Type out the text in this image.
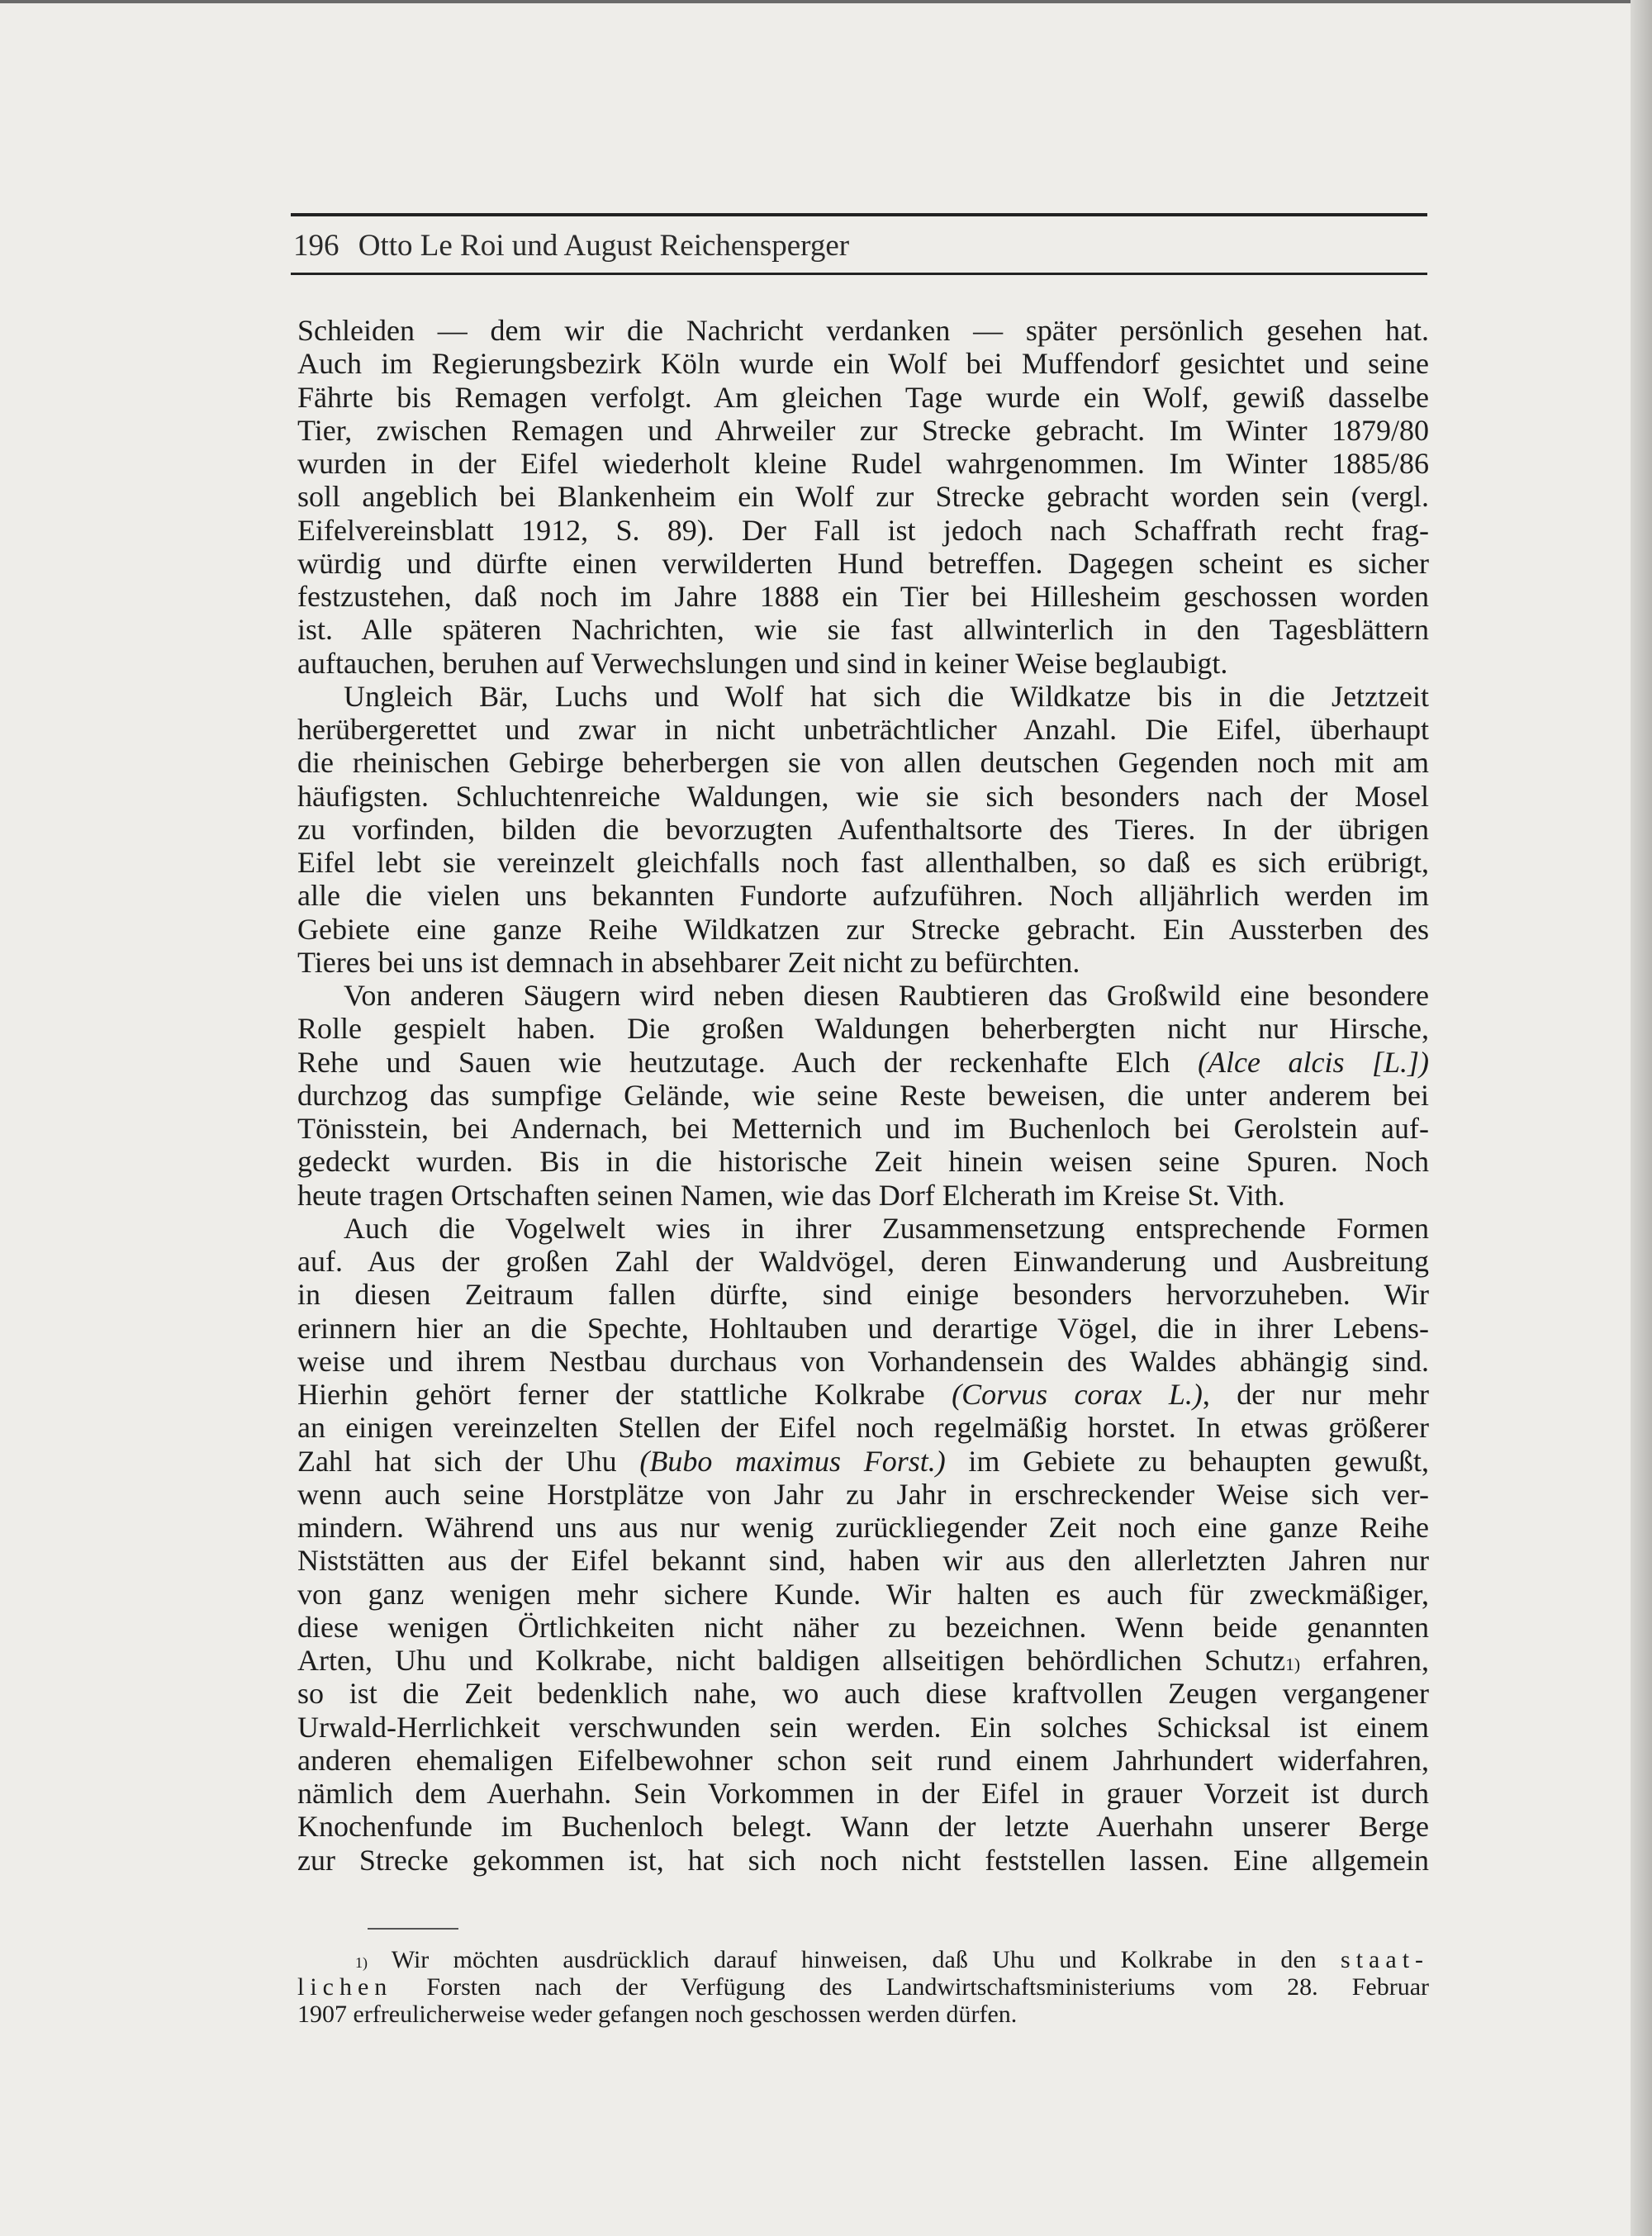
196 Otto Le Roi und August Reichensperger
Schleiden — dem wir die Nachricht verdanken — später persönlich gesehen hat.
Auch im Regierungsbezirk Köln wurde ein Wolf bei Muffendorf gesichtet und seine
Fährte bis Remagen verfolgt. Am gleichen Tage wurde ein Wolf, gewiß dasselbe
Tier, zwischen Remagen und Ahrweiler zur Strecke gebracht. Im Winter 1879/80
wurden in der Eifel wiederholt kleine Rudel wahrgenommen. Im Winter 1885/86
soll angeblich bei Blankenheim ein Wolf zur Strecke gebracht worden sein (vergl.
Eifelvereinsblatt 1912, S. 89). Der Fall ist jedoch nach Schaffrath recht frag-
würdig und dürfte einen verwilderten Hund betreffen. Dagegen scheint es sicher
festzustehen, daß noch im Jahre 1888 ein Tier bei Hillesheim geschossen worden
ist. Alle späteren Nachrichten, wie sie fast allwinterlich in den Tagesblättern
auftauchen, beruhen auf Verwechslungen und sind in keiner Weise beglaubigt.
Ungleich Bär, Luchs und Wolf hat sich die Wildkatze bis in die Jetztzeit
herübergerettet und zwar in nicht unbeträchtlicher Anzahl. Die Eifel, überhaupt
die rheinischen Gebirge beherbergen sie von allen deutschen Gegenden noch mit am
häufigsten. Schluchtenreiche Waldungen, wie sie sich besonders nach der Mosel
zu vorfinden, bilden die bevorzugten Aufenthaltsorte des Tieres. In der übrigen
Eifel lebt sie vereinzelt gleichfalls noch fast allenthalben, so daß es sich erübrigt,
alle die vielen uns bekannten Fundorte aufzuführen. Noch alljährlich werden im
Gebiete eine ganze Reihe Wildkatzen zur Strecke gebracht. Ein Aussterben des
Tieres bei uns ist demnach in absehbarer Zeit nicht zu befürchten.
Von anderen Säugern wird neben diesen Raubtieren das Großwild eine besondere
Rolle gespielt haben. Die großen Waldungen beherbergten nicht nur Hirsche,
Rehe und Sauen wie heutzutage. Auch der reckenhafte Elch (Alce alcis [L.])
durchzog das sumpfige Gelände, wie seine Reste beweisen, die unter anderem bei
Tönisstein, bei Andernach, bei Metternich und im Buchenloch bei Gerolstein auf-
gedeckt wurden. Bis in die historische Zeit hinein weisen seine Spuren. Noch
heute tragen Ortschaften seinen Namen, wie das Dorf Elcherath im Kreise St. Vith.
Auch die Vogelwelt wies in ihrer Zusammensetzung entsprechende Formen
auf. Aus der großen Zahl der Waldvögel, deren Einwanderung und Ausbreitung
in diesen Zeitraum fallen dürfte, sind einige besonders hervorzuheben. Wir
erinnern hier an die Spechte, Hohltauben und derartige Vögel, die in ihrer Lebens-
weise und ihrem Nestbau durchaus von Vorhandensein des Waldes abhängig sind.
Hierhin gehört ferner der stattliche Kolkrabe (Corvus corax L.), der nur mehr
an einigen vereinzelten Stellen der Eifel noch regelmäßig horstet. In etwas größerer
Zahl hat sich der Uhu (Bubo maximus Forst.) im Gebiete zu behaupten gewußt,
wenn auch seine Horstplätze von Jahr zu Jahr in erschreckender Weise sich ver-
mindern. Während uns aus nur wenig zurückliegender Zeit noch eine ganze Reihe
Niststätten aus der Eifel bekannt sind, haben wir aus den allerletzten Jahren nur
von ganz wenigen mehr sichere Kunde. Wir halten es auch für zweckmäßiger,
diese wenigen Örtlichkeiten nicht näher zu bezeichnen. Wenn beide genannten
Arten, Uhu und Kolkrabe, nicht baldigen allseitigen behördlichen Schutz$^{1)}$ erfahren,
so ist die Zeit bedenklich nahe, wo auch diese kraftvollen Zeugen vergangener
Urwald-Herrlichkeit verschwunden sein werden. Ein solches Schicksal ist einem
anderen ehemaligen Eifelbewohner schon seit rund einem Jahrhundert widerfahren,
nämlich dem Auerhahn. Sein Vorkommen in der Eifel in grauer Vorzeit ist durch
Knochenfunde im Buchenloch belegt. Wann der letzte Auerhahn unserer Berge
zur Strecke gekommen ist, hat sich noch nicht feststellen lassen. Eine allgemein
$^{1)}$ Wir möchten ausdrücklich darauf hinweisen, daß Uhu und Kolkrabe in den staat-
lichen Forsten nach der Verfügung des Landwirtschaftsministeriums vom 28. Februar
1907 erfreulicherweise weder gefangen noch geschossen werden dürfen.
